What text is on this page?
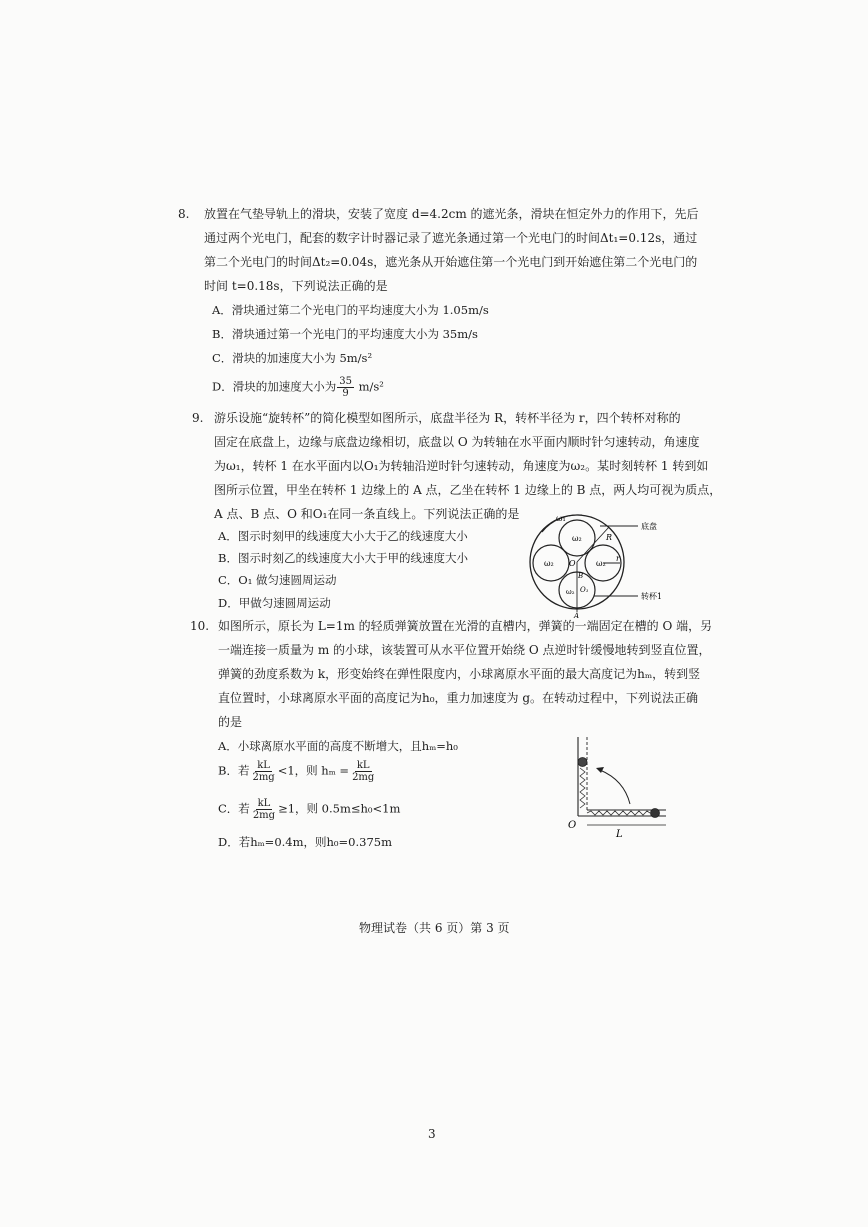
8. 放置在气垫导轨上的滑块，安装了宽度 d=4.2cm 的遮光条，滑块在恒定外力的作用下，先后
通过两个光电门，配套的数字计时器记录了遮光条通过第一个光电门的时间Δt₁=0.12s，通过
第二个光电门的时间Δt₂=0.04s，遮光条从开始遮住第一个光电门到开始遮住第二个光电门的
时间 t=0.18s，下列说法正确的是
A．滑块通过第二个光电门的平均速度大小为 1.05m/s
B．滑块通过第一个光电门的平均速度大小为 35m/s
C．滑块的加速度大小为 5m/s²
D．滑块的加速度大小为 $\frac{35}{9} m/s^2$
9. 游乐设施“旋转杯”的简化模型如图所示，底盘半径为 R，转杯半径为 r，四个转杯对称的
固定在底盘上，边缘与底盘边缘相切，底盘以 O 为转轴在水平面内顺时针匀速转动，角速度
为ω₁，转杯 1 在水平面内以O₁为转轴沿逆时针匀速转动，角速度为ω₂。某时刻转杯 1 转到如
图所示位置，甲坐在转杯 1 边缘上的 A 点，乙坐在转杯 1 边缘上的 B 点，两人均可视为质点，
A 点、B 点、O 和O₁在同一条直线上。下列说法正确的是
A．图示时刻甲的线速度大小大于乙的线速度大小
B．图示时刻乙的线速度大小大于甲的线速度大小
C．O₁ 做匀速圆周运动
D．甲做匀速圆周运动
ω₁
ω₂
ω₂	ω₂
ω₂
R
r
O
B
O₁
A
底盘
转杯1
10. 如图所示，原长为 L=1m 的轻质弹簧放置在光滑的直槽内，弹簧的一端固定在槽的 O 端，另
一端连接一质量为 m 的小球，该装置可从水平位置开始绕 O 点逆时针缓慢地转到竖直位置，
弹簧的劲度系数为 k，形变始终在弹性限度内，小球离原水平面的最大高度记为hₘ，转到竖
直位置时，小球离原水平面的高度记为h₀，重力加速度为 g。在转动过程中，下列说法正确
的是
A．小球离原水平面的高度不断增大，且hₘ=h₀
B．若 $\frac{kL}{2mg} <1$，则 $h_m = \frac{kL}{2mg}$
C．若 $\frac{kL}{2mg} \ge 1$，则 0.5m≤h₀<1m
D．若hₘ=0.4m，则h₀=0.375m
O
L
物理试卷（共 6 页）第 3 页
3
